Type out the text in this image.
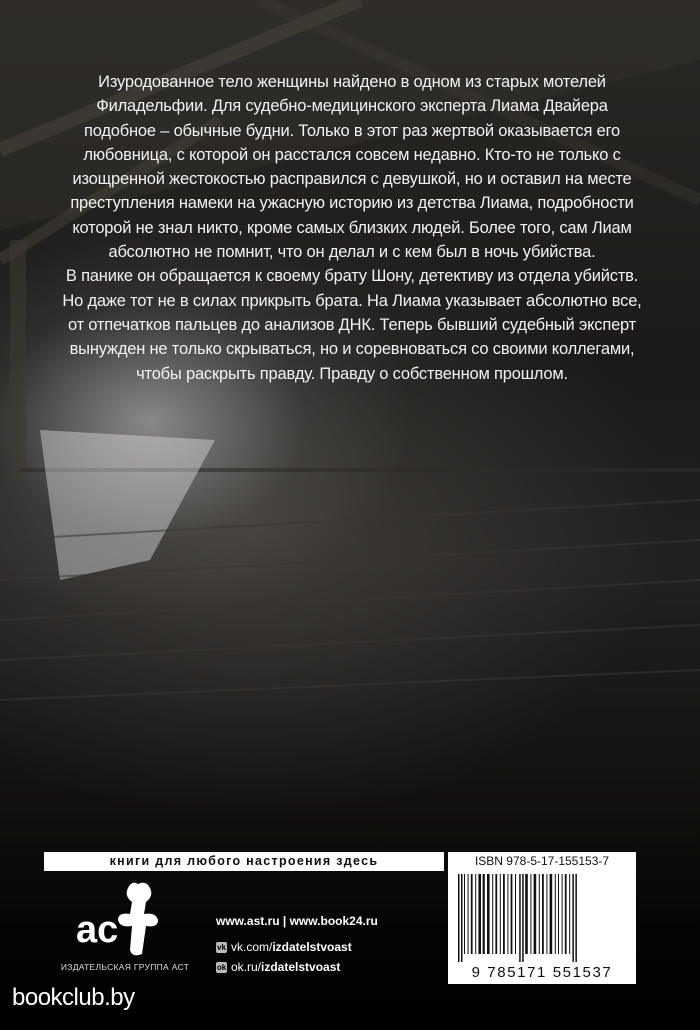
Изуродованное тело женщины найдено в одном из старых мотелей Филадельфии. Для судебно-медицинского эксперта Лиама Двайера подобное – обычные будни. Только в этот раз жертвой оказывается его любовница, с которой он расстался совсем недавно. Кто-то не только с изощренной жестокостью расправился с девушкой, но и оставил на месте преступления намеки на ужасную историю из детства Лиама, подробности которой не знал никто, кроме самых близких людей. Более того, сам Лиам абсолютно не помнит, что он делал и с кем был в ночь убийства.

В панике он обращается к своему брату Шону, детективу из отдела убийств. Но даже тот не в силах прикрыть брата. На Лиама указывает абсолютно все, от отпечатков пальцев до анализов ДНК. Теперь бывший судебный эксперт вынужден не только скрываться, но и соревноваться со своими коллегами, чтобы раскрыть правду. Правду о собственном прошлом.

книги для любого настроения здесь	ISBN 978-5-17-155153-7
9 785171 551537
ac
ИЗДАТЕЛЬСКАЯ ГРУППА АСТ
www.ast.ru | www.book24.ru
vk vk.com/ izdatelstvoast
ok ok.ru/ izdatelstvoast
bookclub.by
